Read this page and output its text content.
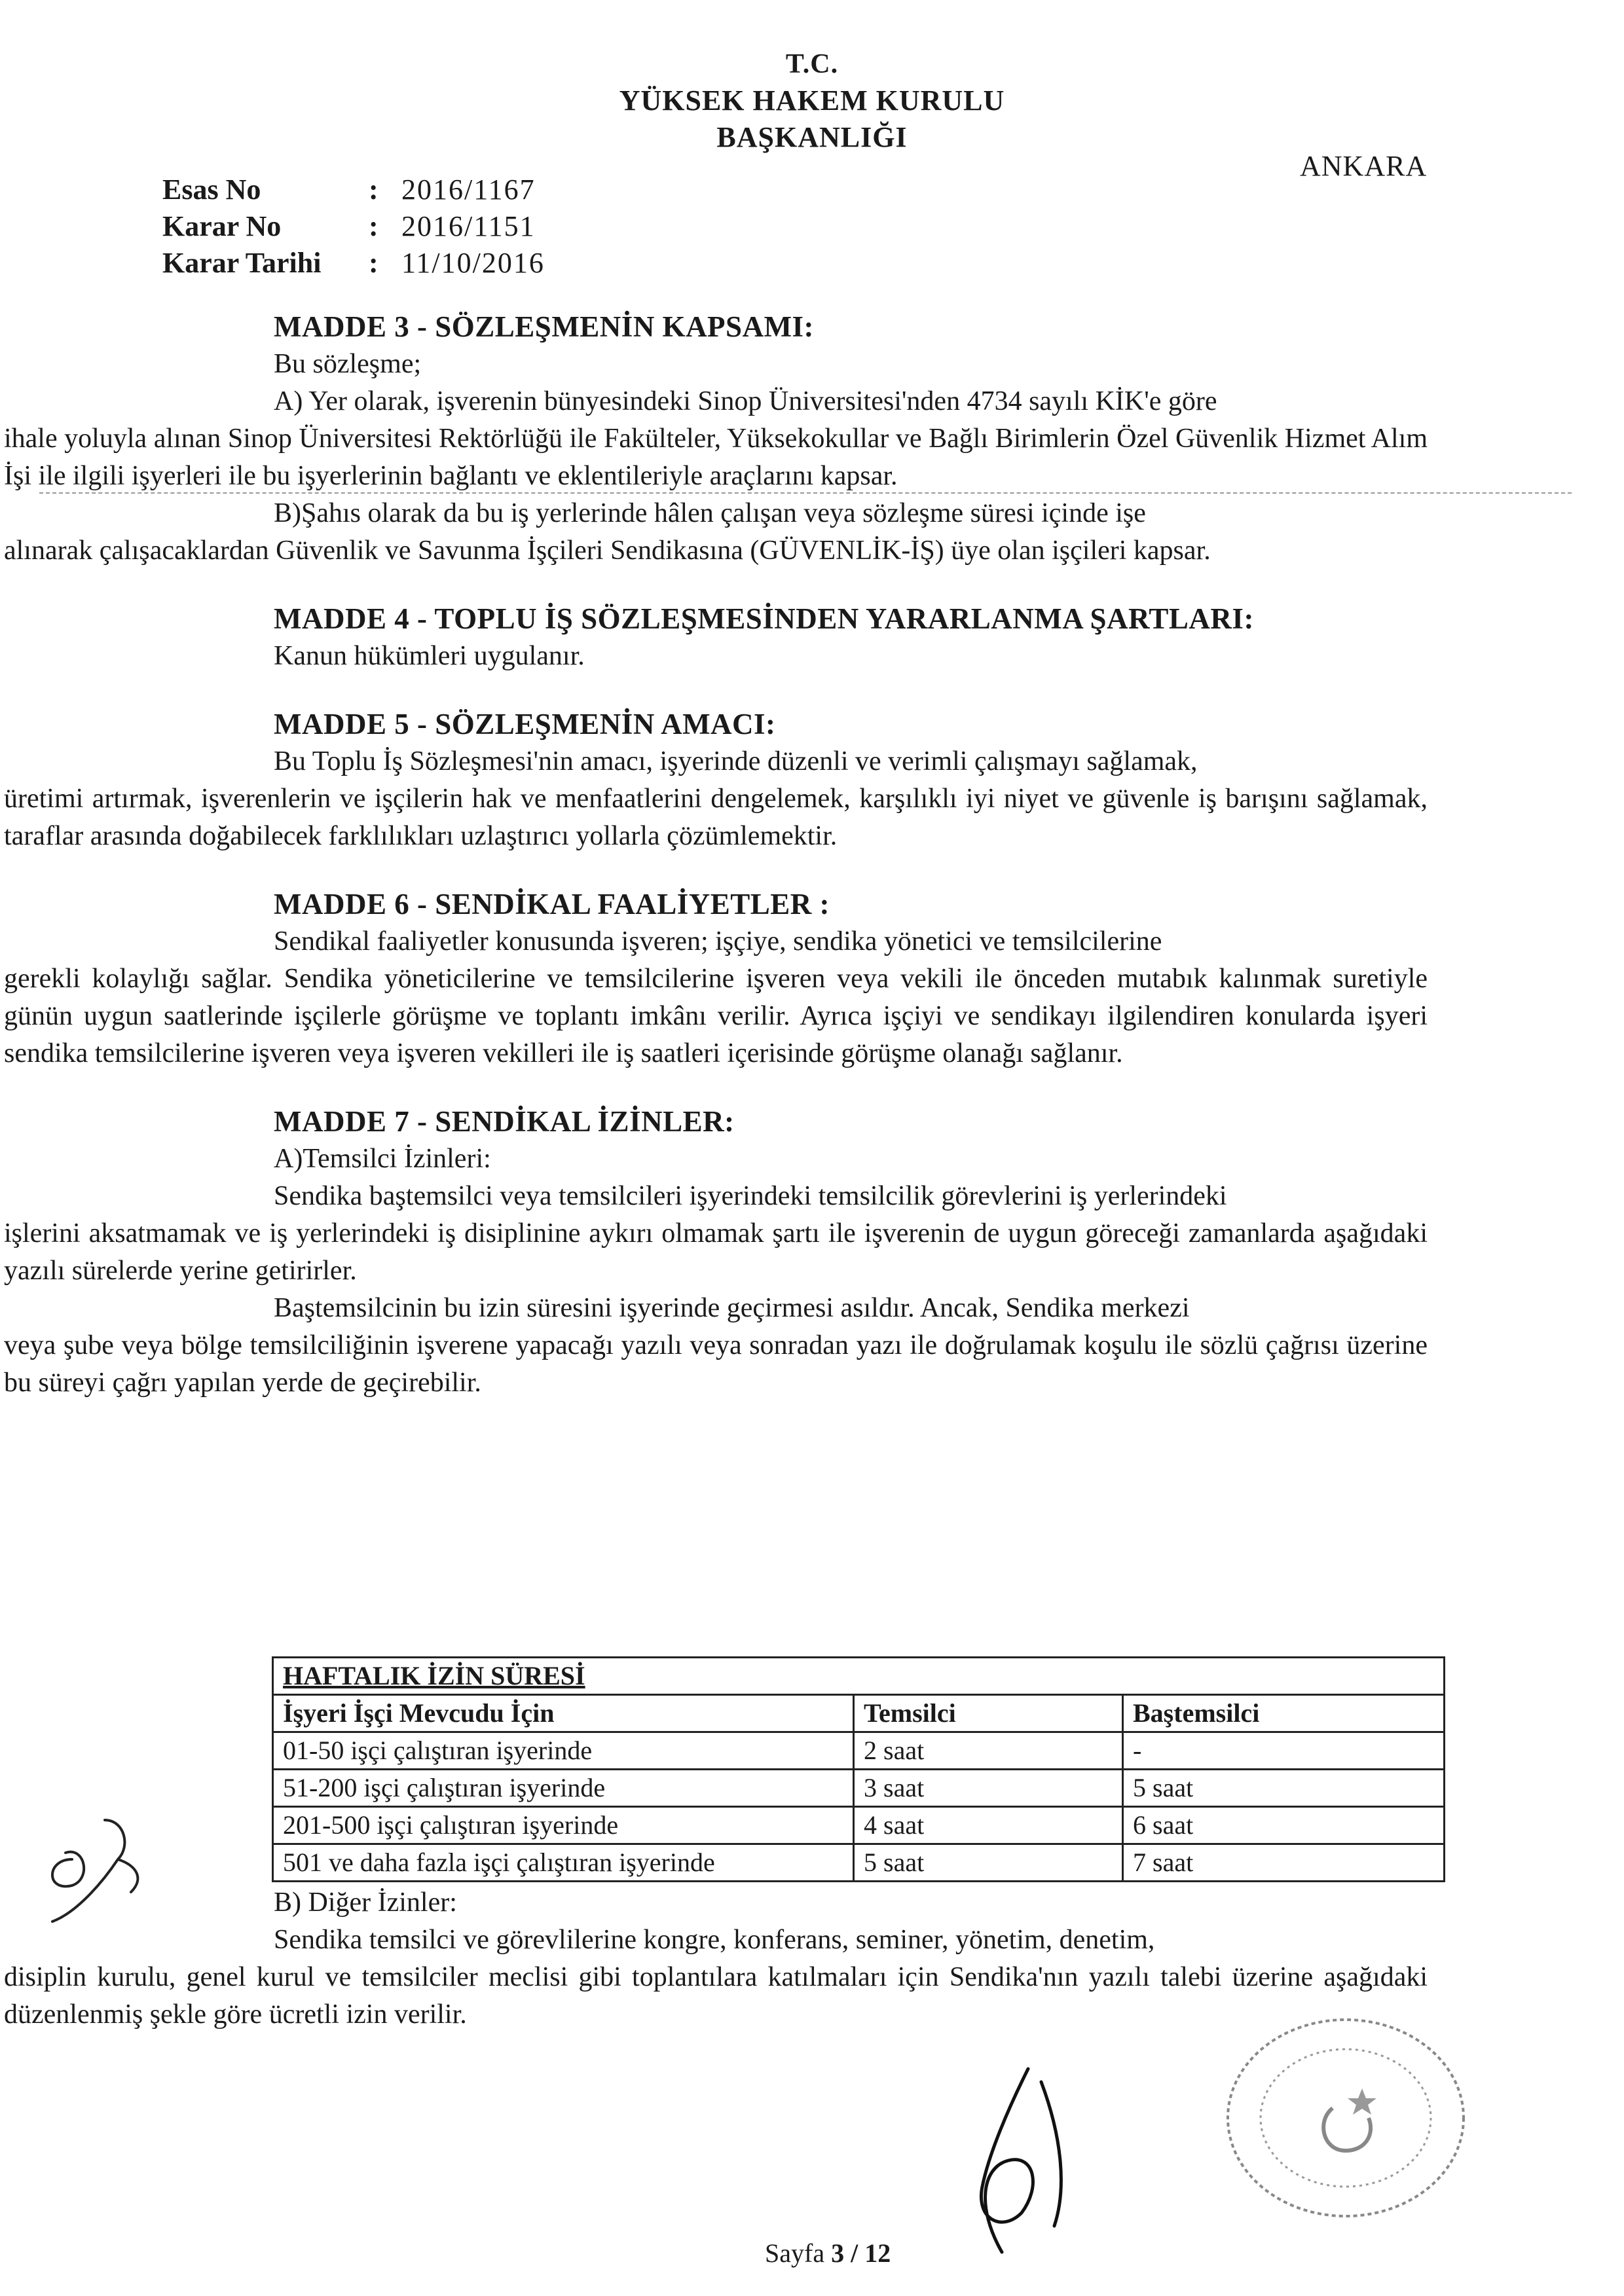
T.C.
YÜKSEK HAKEM KURULU
BAŞKANLIĞI
ANKARA
Esas No	: 2016/1167
Karar No	: 2016/1151
Karar Tarihi	: 11/10/2016

MADDE 3 - SÖZLEŞMENİN KAPSAMI:

Bu sözleşme;

A) Yer olarak, işverenin bünyesindeki Sinop Üniversitesi'nden 4734 sayılı KİK'e göre

ihale yoluyla alınan Sinop Üniversitesi Rektörlüğü ile Fakülteler, Yüksekokullar ve Bağlı Birimlerin Özel Güvenlik Hizmet Alım İşi ile ilgili işyerleri ile bu işyerlerinin bağlantı ve eklentileriyle araçlarını kapsar.

B)Şahıs olarak da bu iş yerlerinde hâlen çalışan veya sözleşme süresi içinde işe

alınarak çalışacaklardan Güvenlik ve Savunma İşçileri Sendikasına (GÜVENLİK-İŞ) üye olan işçileri kapsar.

MADDE 4 - TOPLU İŞ SÖZLEŞMESİNDEN YARARLANMA ŞARTLARI:

Kanun hükümleri uygulanır.

MADDE 5 - SÖZLEŞMENİN AMACI:

Bu Toplu İş Sözleşmesi'nin amacı, işyerinde düzenli ve verimli çalışmayı sağlamak,

üretimi artırmak, işverenlerin ve işçilerin hak ve menfaatlerini dengelemek, karşılıklı iyi niyet ve güvenle iş barışını sağlamak, taraflar arasında doğabilecek farklılıkları uzlaştırıcı yollarla çözümlemektir.

MADDE 6 - SENDİKAL FAALİYETLER :

Sendikal faaliyetler konusunda işveren; işçiye, sendika yönetici ve temsilcilerine

gerekli kolaylığı sağlar. Sendika yöneticilerine ve temsilcilerine işveren veya vekili ile önceden mutabık kalınmak suretiyle günün uygun saatlerinde işçilerle görüşme ve toplantı imkânı verilir. Ayrıca işçiyi ve sendikayı ilgilendiren konularda işyeri sendika temsilcilerine işveren veya işveren vekilleri ile iş saatleri içerisinde görüşme olanağı sağlanır.

MADDE 7 - SENDİKAL İZİNLER:

A)Temsilci İzinleri:

Sendika baştemsilci veya temsilcileri işyerindeki temsilcilik görevlerini iş yerlerindeki

işlerini aksatmamak ve iş yerlerindeki iş disiplinine aykırı olmamak şartı ile işverenin de uygun göreceği zamanlarda aşağıdaki yazılı sürelerde yerine getirirler.

Baştemsilcinin bu izin süresini işyerinde geçirmesi asıldır. Ancak, Sendika merkezi

veya şube veya bölge temsilciliğinin işverene yapacağı yazılı veya sonradan yazı ile doğrulamak koşulu ile sözlü çağrısı üzerine bu süreyi çağrı yapılan yerde de geçirebilir.

HAFTALIK İZİN SÜRESİ		
İşyeri İşçi Mevcudu İçin	Temsilci	Baştemsilci
01-50 işçi çalıştıran işyerinde	2 saat	-
51-200 işçi çalıştıran işyerinde	3 saat	5 saat
201-500 işçi çalıştıran işyerinde	4 saat	6 saat
501 ve daha fazla işçi çalıştıran işyerinde	5 saat	7 saat

B) Diğer İzinler:

Sendika temsilci ve görevlilerine kongre, konferans, seminer, yönetim, denetim,

disiplin kurulu, genel kurul ve temsilciler meclisi gibi toplantılara katılmaları için Sendika'nın yazılı talebi üzerine aşağıdaki düzenlenmiş şekle göre ücretli izin verilir.

Sayfa 3 / 12
